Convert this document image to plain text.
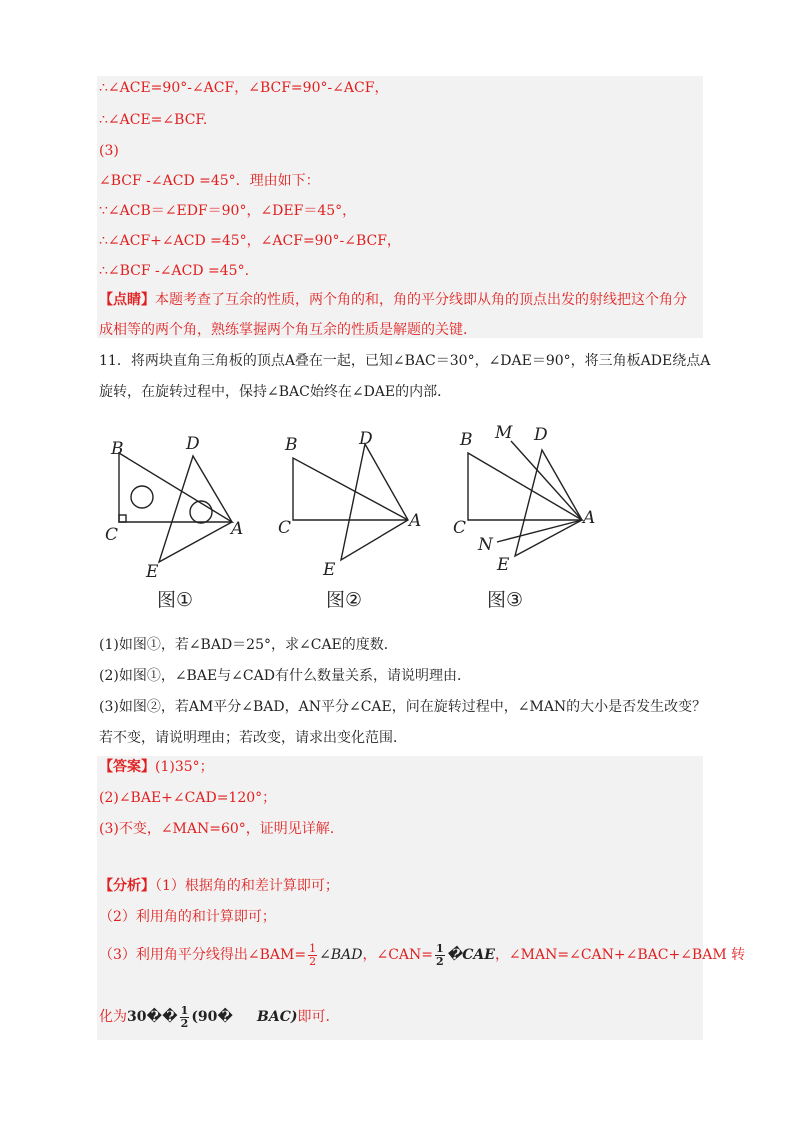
∴∠ACE=90°-∠ACF，∠BCF=90°-∠ACF，
∴∠ACE=∠BCF.
(3)
∠BCF -∠ACD =45°．理由如下：
∵∠ACB＝∠EDF＝90°，∠DEF＝45°，
∴∠ACF+∠ACD =45°，∠ACF=90°-∠BCF，
∴∠BCF -∠ACD =45°.
【点睛】本题考查了互余的性质，两个角的和，角的平分线即从角的顶点出发的射线把这个角分
成相等的两个角，熟练掌握两个角互余的性质是解题的关键．
11．将两块直角三角板的顶点A叠在一起，已知∠BAC＝30°，∠DAE＝90°，将三角板ADE绕点A
旋转，在旋转过程中，保持∠BAC始终在∠DAE的内部．
B	D
C	A
E
B	D
C	A
E
B M D
C	A
N
E
图①	图②	图③
(1)如图①，若∠BAD＝25°，求∠CAE的度数．
(2)如图①，∠BAE与∠CAD有什么数量关系，请说明理由．
(3)如图②，若AM平分∠BAD，AN平分∠CAE，问在旋转过程中，∠MAN的大小是否发生改变？
若不变，请说明理由；若改变，请求出变化范围．
【答案】(1)35°；
(2)∠BAE+∠CAD=120°；
(3)不变，∠MAN=60°，证明见详解.
【分析】（1）根据角的和差计算即可；
（2）利用角的和计算即可；
（3）利用角平分线得出∠BAM= $\frac{1}{2}$ ∠BAD，∠CAN= $\frac{1}{2}$ �CAE，∠MAN=∠CAN+∠BAC+∠BAM 转
化为30�� $\frac{1}{2}$ (90� BAC)即可.
